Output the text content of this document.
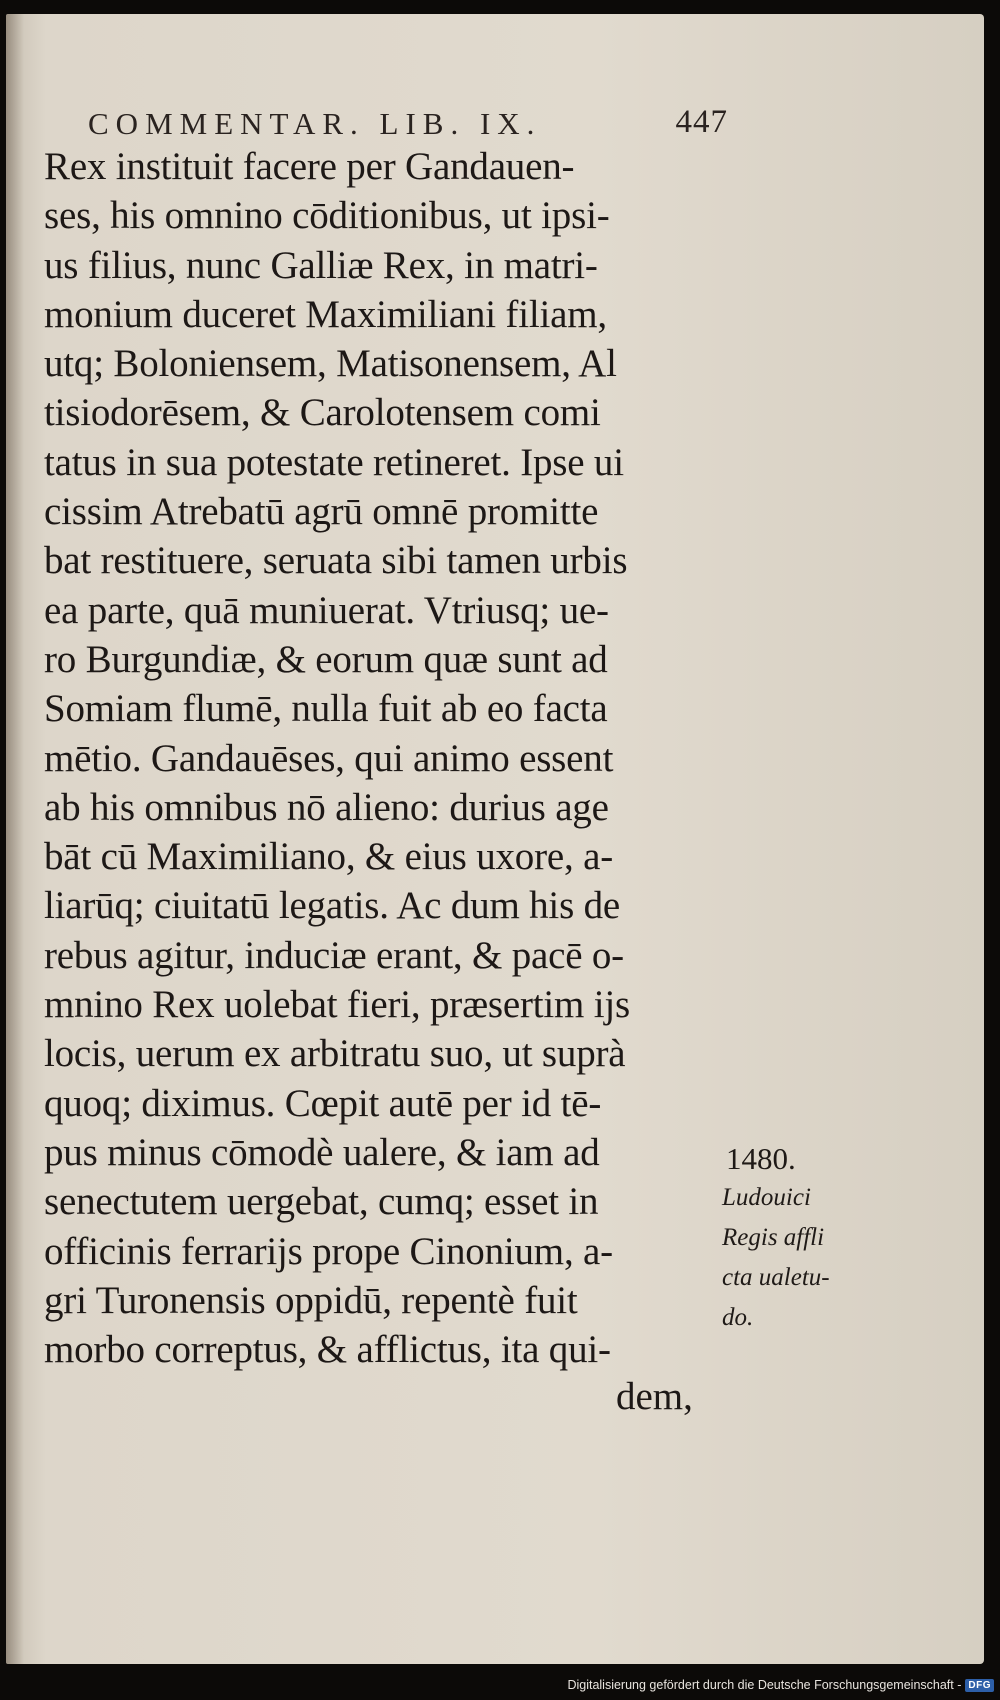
COMMENTAR. LIB. IX.	447
Rex instituit facere per Gandauen-
ses, his omnino cōditionibus, ut ipsi-
us filius, nunc Galliæ Rex, in matri-
monium duceret Maximiliani filiam,
utq; Boloniensem, Matisonensem, Al
tisiodorēsem, & Carolotensem comi
tatus in sua potestate retineret. Ipse ui
cissim Atrebatū agrū omnē promitte
bat restituere, seruata sibi tamen urbis
ea parte, quā muniuerat. Vtriusq; ue-
ro Burgundiæ, & eorum quæ sunt ad
Somiam flumē, nulla fuit ab eo facta
mētio. Gandauēses, qui animo essent
ab his omnibus nō alieno: durius age
bāt cū Maximiliano, & eius uxore, a-
liarūq; ciuitatū legatis. Ac dum his de
rebus agitur, induciæ erant, & pacē o-
mnino Rex uolebat fieri, præsertim ijs
locis, uerum ex arbitratu suo, ut suprà
quoq; diximus. Cœpit autē per id tē-
pus minus cōmodè ualere, & iam ad
senectutem uergebat, cumq; esset in
officinis ferrarijs prope Cinonium, a-
gri Turonensis oppidū, repentè fuit
morbo correptus, & afflictus, ita qui-
dem,
1480.
Ludouici
Regis affli
cta ualetu-
do.
Digitalisierung gefördert durch die Deutsche Forschungsgemeinschaft - DFG
